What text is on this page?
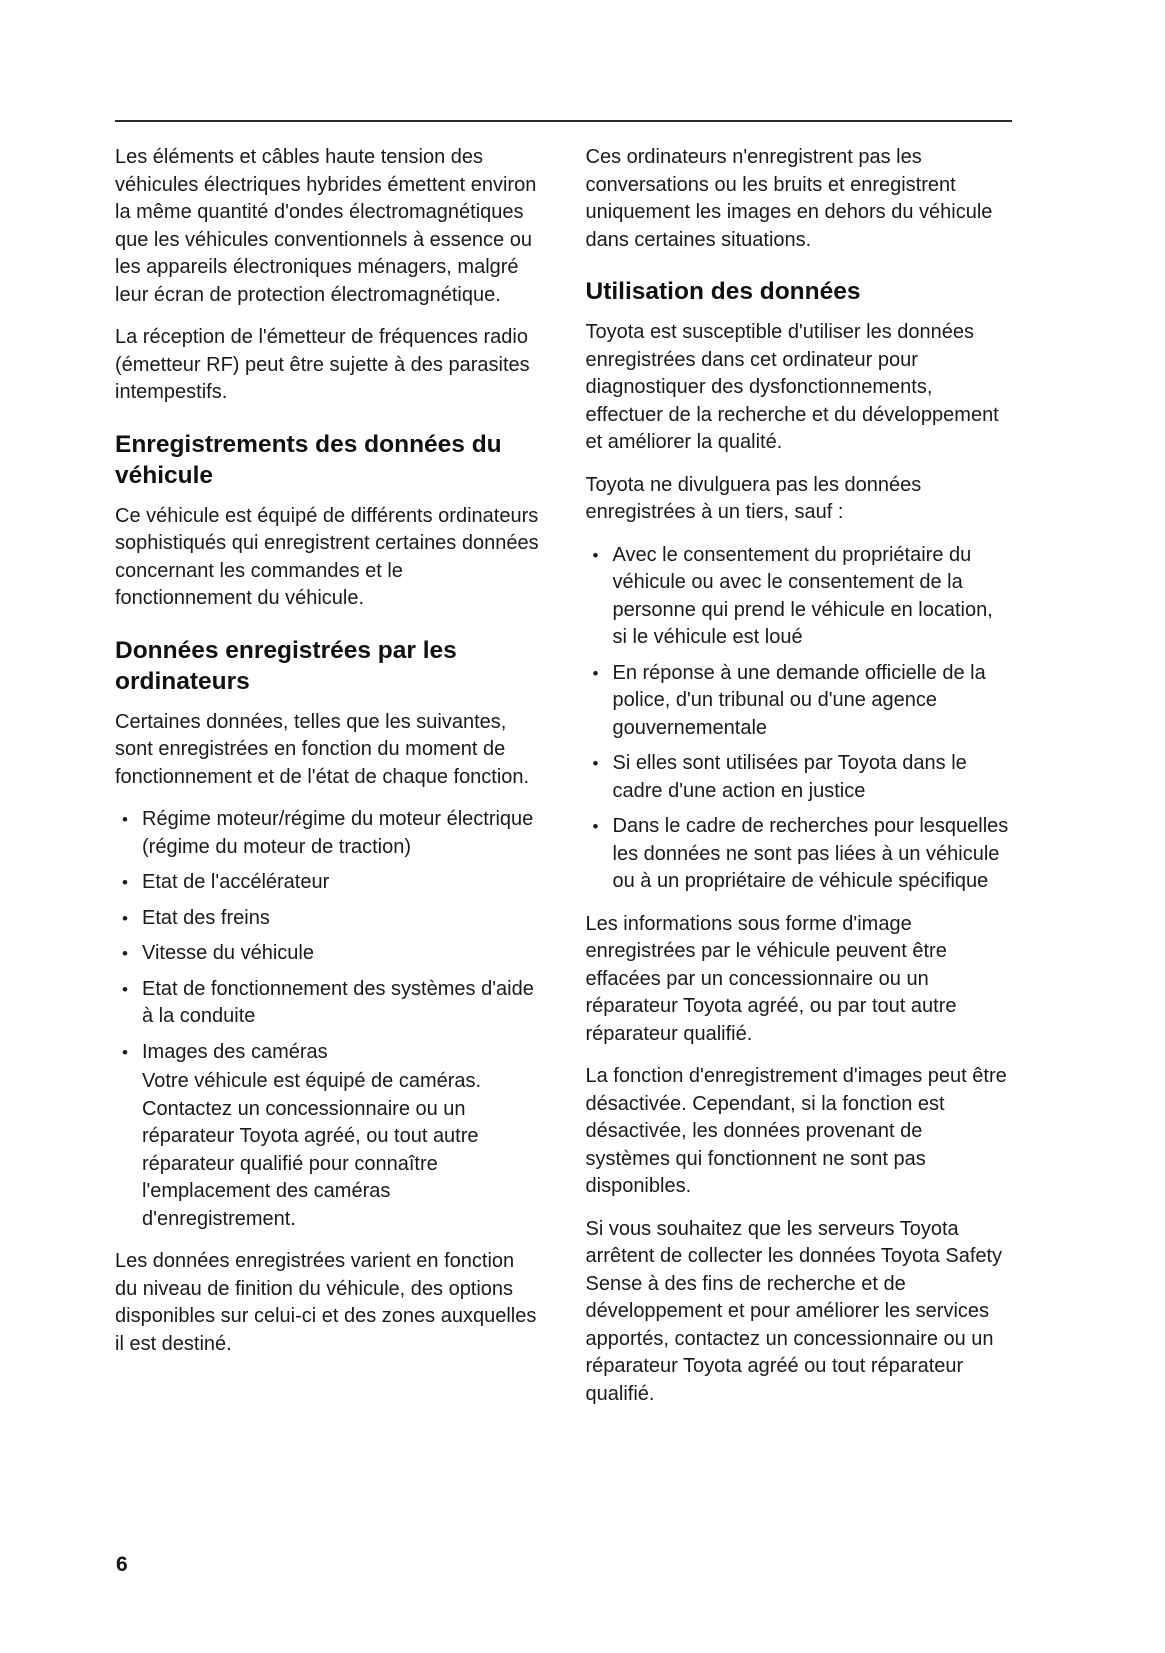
Les éléments et câbles haute tension des véhicules électriques hybrides émettent environ la même quantité d'ondes électromagnétiques que les véhicules conventionnels à essence ou les appareils électroniques ménagers, malgré leur écran de protection électromagnétique.

La réception de l'émetteur de fréquences radio (émetteur RF) peut être sujette à des parasites intempestifs.

Enregistrements des données du véhicule

Ce véhicule est équipé de différents ordinateurs sophistiqués qui enregistrent certaines données concernant les commandes et le fonctionnement du véhicule.

Données enregistrées par les ordinateurs

Certaines données, telles que les suivantes, sont enregistrées en fonction du moment de fonctionnement et de l'état de chaque fonction.

• Régime moteur/régime du moteur électrique (régime du moteur de traction)
• Etat de l'accélérateur
• Etat des freins
• Vitesse du véhicule
• Etat de fonctionnement des systèmes d'aide à la conduite
• Images des caméras

Votre véhicule est équipé de caméras. Contactez un concessionnaire ou un réparateur Toyota agréé, ou tout autre réparateur qualifié pour connaître l'emplacement des caméras d'enregistrement.

Les données enregistrées varient en fonction du niveau de finition du véhicule, des options disponibles sur celui-ci et des zones auxquelles il est destiné.

Ces ordinateurs n'enregistrent pas les conversations ou les bruits et enregistrent uniquement les images en dehors du véhicule dans certaines situations.

Utilisation des données

Toyota est susceptible d'utiliser les données enregistrées dans cet ordinateur pour diagnostiquer des dysfonctionnements, effectuer de la recherche et du développement et améliorer la qualité.

Toyota ne divulguera pas les données enregistrées à un tiers, sauf :

• Avec le consentement du propriétaire du véhicule ou avec le consentement de la personne qui prend le véhicule en location, si le véhicule est loué
• En réponse à une demande officielle de la police, d'un tribunal ou d'une agence gouvernementale
• Si elles sont utilisées par Toyota dans le cadre d'une action en justice
• Dans le cadre de recherches pour lesquelles les données ne sont pas liées à un véhicule ou à un propriétaire de véhicule spécifique

Les informations sous forme d'image enregistrées par le véhicule peuvent être effacées par un concessionnaire ou un réparateur Toyota agréé, ou par tout autre réparateur qualifié.

La fonction d'enregistrement d'images peut être désactivée. Cependant, si la fonction est désactivée, les données provenant de systèmes qui fonctionnent ne sont pas disponibles.

Si vous souhaitez que les serveurs Toyota arrêtent de collecter les données Toyota Safety Sense à des fins de recherche et de développement et pour améliorer les services apportés, contactez un concessionnaire ou un réparateur Toyota agréé ou tout réparateur qualifié.

6
